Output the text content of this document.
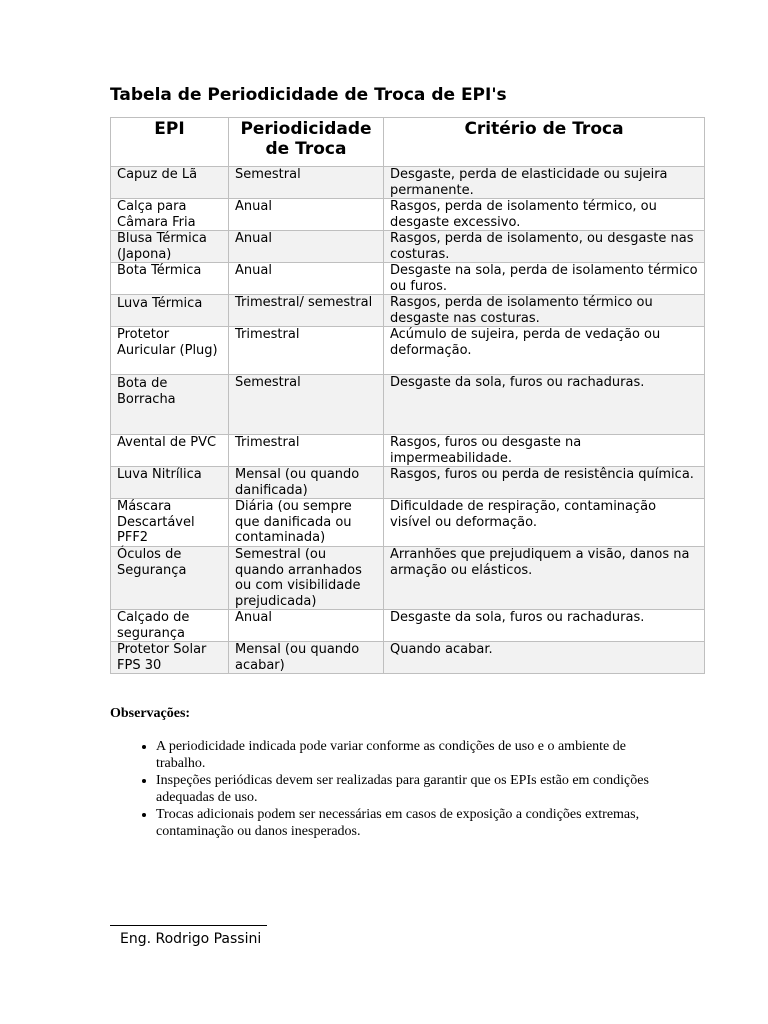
Tabela de Periodicidade de Troca de EPI's
EPI	Periodicidade de Troca	Critério de Troca
Capuz de Lã	Semestral	Desgaste, perda de elasticidade ou sujeira permanente.
Calça para Câmara Fria	Anual	Rasgos, perda de isolamento térmico, ou desgaste excessivo.
Blusa Térmica (Japona)	Anual	Rasgos, perda de isolamento, ou desgaste nas costuras.
Bota Térmica	Anual	Desgaste na sola, perda de isolamento térmico ou furos.
Luva Térmica	Trimestral/ semestral	Rasgos, perda de isolamento térmico ou desgaste nas costuras.
Protetor Auricular (Plug)	Trimestral	Acúmulo de sujeira, perda de vedação ou deformação.
Bota de Borracha	Semestral	Desgaste da sola, furos ou rachaduras.
Avental de PVC	Trimestral	Rasgos, furos ou desgaste na impermeabilidade.
Luva Nitrílica	Mensal (ou quando danificada)	Rasgos, furos ou perda de resistência química.
Máscara Descartável PFF2	Diária (ou sempre que danificada ou contaminada)	Dificuldade de respiração, contaminação visível ou deformação.
Óculos de Segurança	Semestral (ou quando arranhados ou com visibilidade prejudicada)	Arranhões que prejudiquem a visão, danos na armação ou elásticos.
Calçado de segurança	Anual	Desgaste da sola, furos ou rachaduras.
Protetor Solar FPS 30	Mensal (ou quando acabar)	Quando acabar.

Observações:

• A periodicidade indicada pode variar conforme as condições de uso e o ambiente de trabalho.
• Inspeções periódicas devem ser realizadas para garantir que os EPIs estão em condições adequadas de uso.
• Trocas adicionais podem ser necessárias em casos de exposição a condições extremas, contaminação ou danos inesperados.
Eng. Rodrigo Passini
